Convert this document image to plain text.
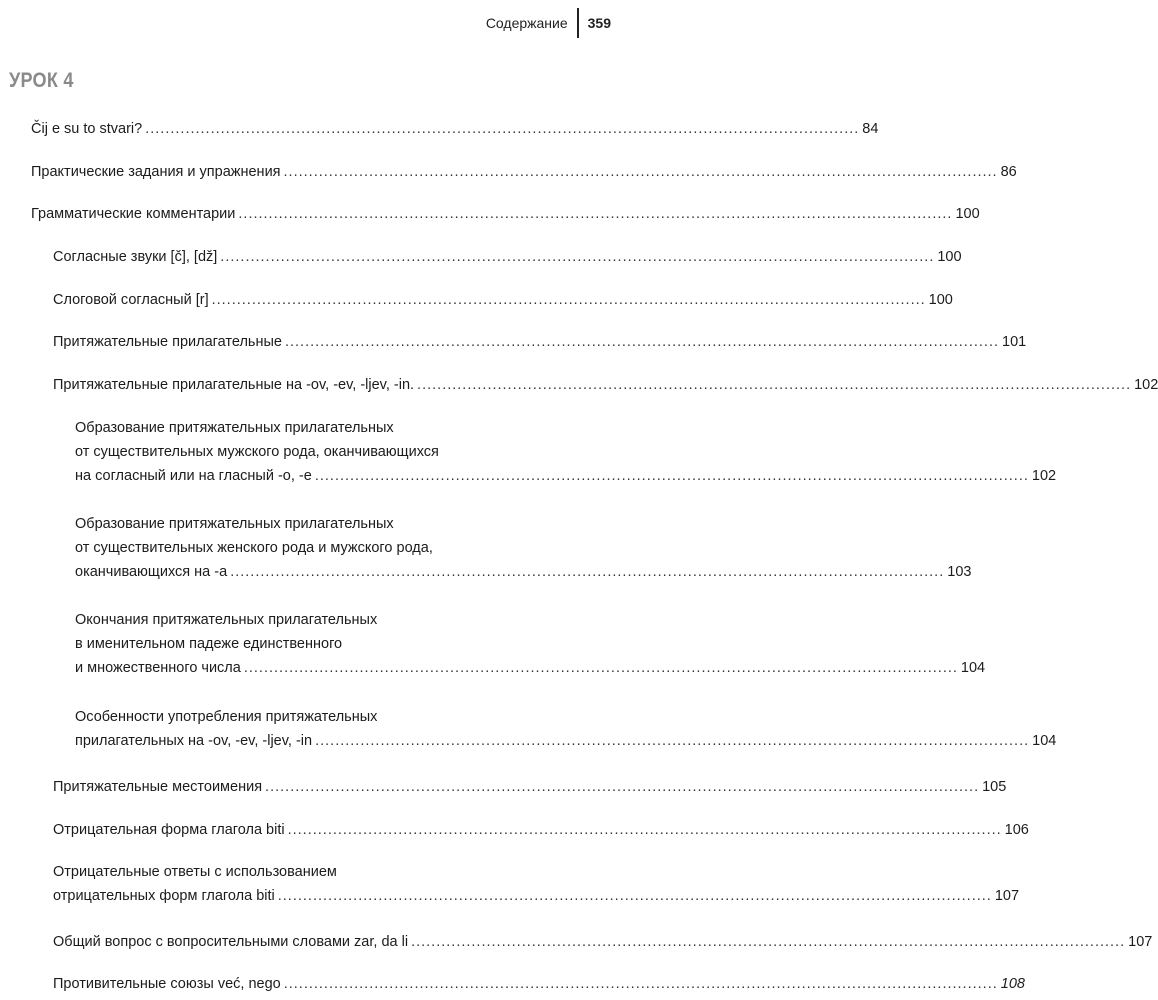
Содержание 359
УРОК 4
Čij e su to stvari? .............................................................................................................................................. 84
Практические задания и упражнения .............................................................................................................................................. 86
Грамматические комментарии .............................................................................................................................................. 100
Согласные звуки [č], [dž] .............................................................................................................................................. 100
Слоговой согласный [r] .............................................................................................................................................. 100
Притяжательные прилагательные .............................................................................................................................................. 101
Притяжательные прилагательные на -ov, -ev, -ljev, -in. .............................................................................................................................................. 102
Образование притяжательных прилагательных
от существительных мужского рода, оканчивающихся
на согласный или на гласный -о, -е .............................................................................................................................................. 102
Образование притяжательных прилагательных
от существительных женского рода и мужского рода,
оканчивающихся на -а .............................................................................................................................................. 103
Окончания притяжательных прилагательных
в именительном падеже единственного
и множественного числа .............................................................................................................................................. 104
Особенности употребления притяжательных
прилагательных на -ov, -ev, -ljev, -in .............................................................................................................................................. 104
Притяжательные местоимения .............................................................................................................................................. 105
Отрицательная форма глагола biti .............................................................................................................................................. 106
Отрицательные ответы с использованием
отрицательных форм глагола biti .............................................................................................................................................. 107
Общий вопрос с вопросительными словами zar, da li .............................................................................................................................................. 107
Противительные союзы već, nego .............................................................................................................................................. 108
